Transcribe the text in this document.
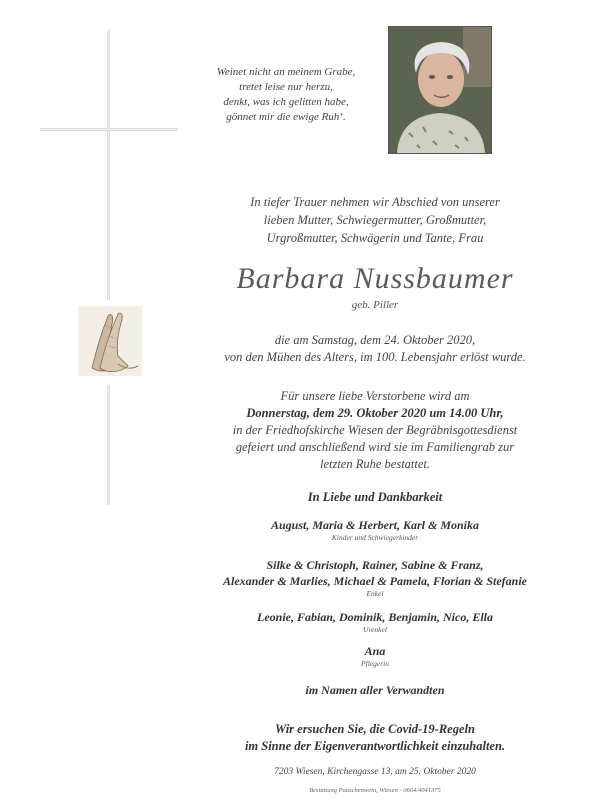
Weinet nicht an meinem Grabe,
tretet leise nur herzu,
denkt, was ich gelitten habe,
gönnet mir die ewige Ruh‘.
In tiefer Trauer nehmen wir Abschied von unserer
lieben Mutter, Schwiegermutter, Großmutter,
Urgroßmutter, Schwägerin und Tante, Frau
Barbara Nussbaumer
geb. Piller
die am Samstag, dem 24. Oktober 2020,
von den Mühen des Alters, im 100. Lebensjahr erlöst wurde.
Für unsere liebe Verstorbene wird am
Donnerstag, dem 29. Oktober 2020 um 14.00 Uhr,
in der Friedhofskirche Wiesen der Begräbnisgottesdienst
gefeiert und anschließend wird sie im Familiengrab zur
letzten Ruhe bestattet.
In Liebe und Dankbarkeit
August, Maria & Herbert, Karl & Monika
Kinder und Schwiegerkinder
Silke & Christoph, Rainer, Sabine & Franz,
Alexander & Marlies, Michael & Pamela, Florian & Stefanie
Enkel
Leonie, Fabian, Dominik, Benjamin, Nico, Ella
Urenkel
Ana
Pflegerin
im Namen aller Verwandten
Wir ersuchen Sie, die Covid-19-Regeln
im Sinne der Eigenverantwortlichkeit einzuhalten.
7203 Wiesen, Kirchengasse 13, am 25. Oktober 2020
Bestattung Pauschenwein, Wiesen - 0664/4041375
